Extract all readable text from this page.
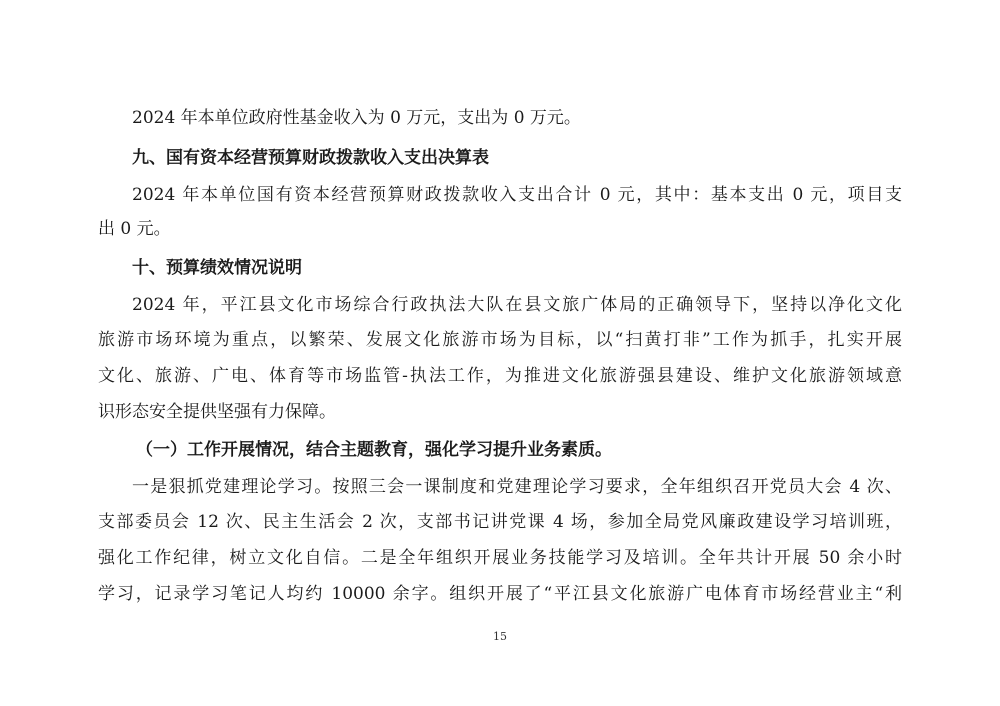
2024 年本单位政府性基金收入为 0 万元，支出为 0 万元。
九、国有资本经营预算财政拨款收入支出决算表
2024 年本单位国有资本经营预算财政拨款收入支出合计 0 元，其中：基本支出 0 元，项目支
出 0 元。
十、预算绩效情况说明
2024 年，平江县文化市场综合行政执法大队在县文旅广体局的正确领导下，坚持以净化文化
旅游市场环境为重点，以繁荣、发展文化旅游市场为目标，以“扫黄打非”工作为抓手，扎实开展
文化、旅游、广电、体育等市场监管-执法工作，为推进文化旅游强县建设、维护文化旅游领域意
识形态安全提供坚强有力保障。
（一）工作开展情况，结合主题教育，强化学习提升业务素质。
一是狠抓党建理论学习。按照三会一课制度和党建理论学习要求，全年组织召开党员大会 4 次、
支部委员会 12 次、民主生活会 2 次，支部书记讲党课 4 场，参加全局党风廉政建设学习培训班，
强化工作纪律，树立文化自信。二是全年组织开展业务技能学习及培训。全年共计开展 50 余小时
学习，记录学习笔记人均约 10000 余字。组织开展了“平江县文化旅游广电体育市场经营业主“利
15
